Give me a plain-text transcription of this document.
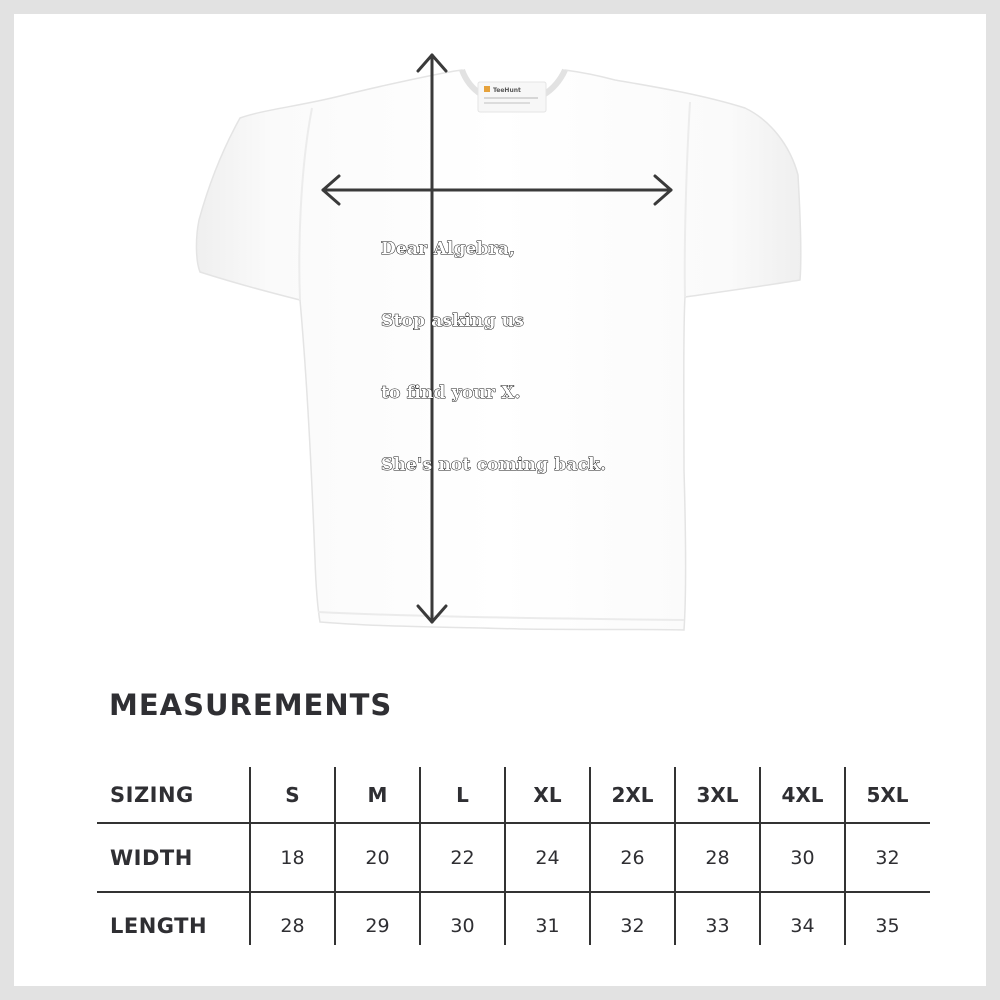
TeeHunt

Dear Algebra,

Stop asking us

to find your X.

She's not coming back.

MEASUREMENTS
SIZING	S	M	L	XL	2XL	3XL	4XL	5XL
WIDTH	18	20	22	24	26	28	30	32
LENGTH	28	29	30	31	32	33	34	35
